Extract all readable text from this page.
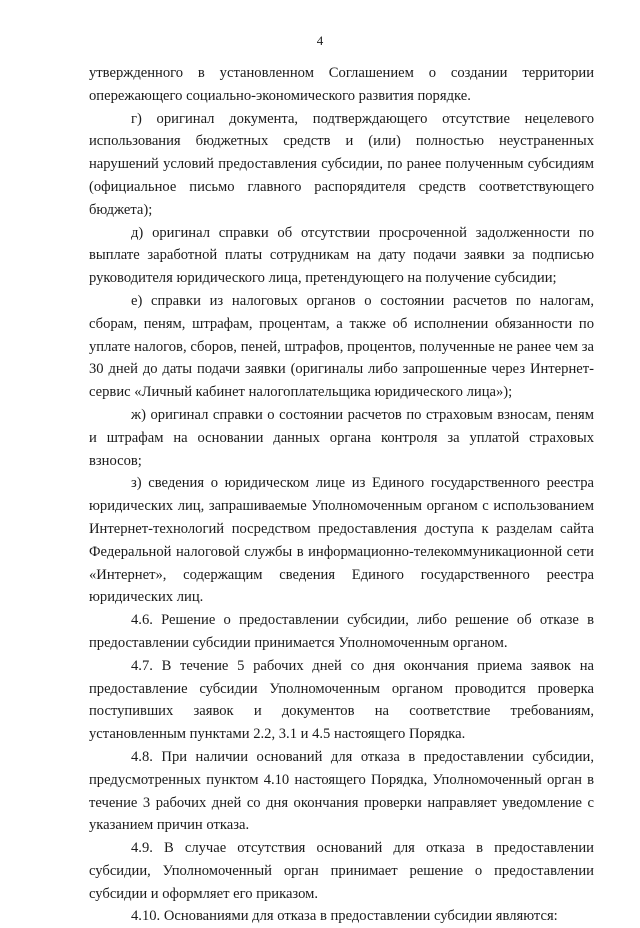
4

утвержденного в установленном Соглашением о создании территории опережающего социально-экономического развития порядке.

г) оригинал документа, подтверждающего отсутствие нецелевого использования бюджетных средств и (или) полностью неустраненных нарушений условий предоставления субсидии, по ранее полученным субсидиям (официальное письмо главного распорядителя средств соответствующего бюджета);

д) оригинал справки об отсутствии просроченной задолженности по выплате заработной платы сотрудникам на дату подачи заявки за подписью руководителя юридического лица, претендующего на получение субсидии;

е) справки из налоговых органов о состоянии расчетов по налогам, сборам, пеням, штрафам, процентам, а также об исполнении обязанности по уплате налогов, сборов, пеней, штрафов, процентов, полученные не ранее чем за 30 дней до даты подачи заявки (оригиналы либо запрошенные через Интернет-сервис «Личный кабинет налогоплательщика юридического лица»);

ж) оригинал справки о состоянии расчетов по страховым взносам, пеням и штрафам на основании данных органа контроля за уплатой страховых взносов;

з) сведения о юридическом лице из Единого государственного реестра юридических лиц, запрашиваемые Уполномоченным органом с использованием Интернет-технологий посредством предоставления доступа к разделам сайта Федеральной налоговой службы в информационно-телекоммуникационной сети «Интернет», содержащим сведения Единого государственного реестра юридических лиц.

4.6. Решение о предоставлении субсидии, либо решение об отказе в предоставлении субсидии принимается Уполномоченным органом.

4.7. В течение 5 рабочих дней со дня окончания приема заявок на предоставление субсидии Уполномоченным органом проводится проверка поступивших заявок и документов на соответствие требованиям, установленным пунктами 2.2, 3.1 и 4.5 настоящего Порядка.

4.8. При наличии оснований для отказа в предоставлении субсидии, предусмотренных пунктом 4.10 настоящего Порядка, Уполномоченный орган в течение 3 рабочих дней со дня окончания проверки направляет уведомление с указанием причин отказа.

4.9. В случае отсутствия оснований для отказа в предоставлении субсидии, Уполномоченный орган принимает решение о предоставлении субсидии и оформляет его приказом.

4.10. Основаниями для отказа в предоставлении субсидии являются:
